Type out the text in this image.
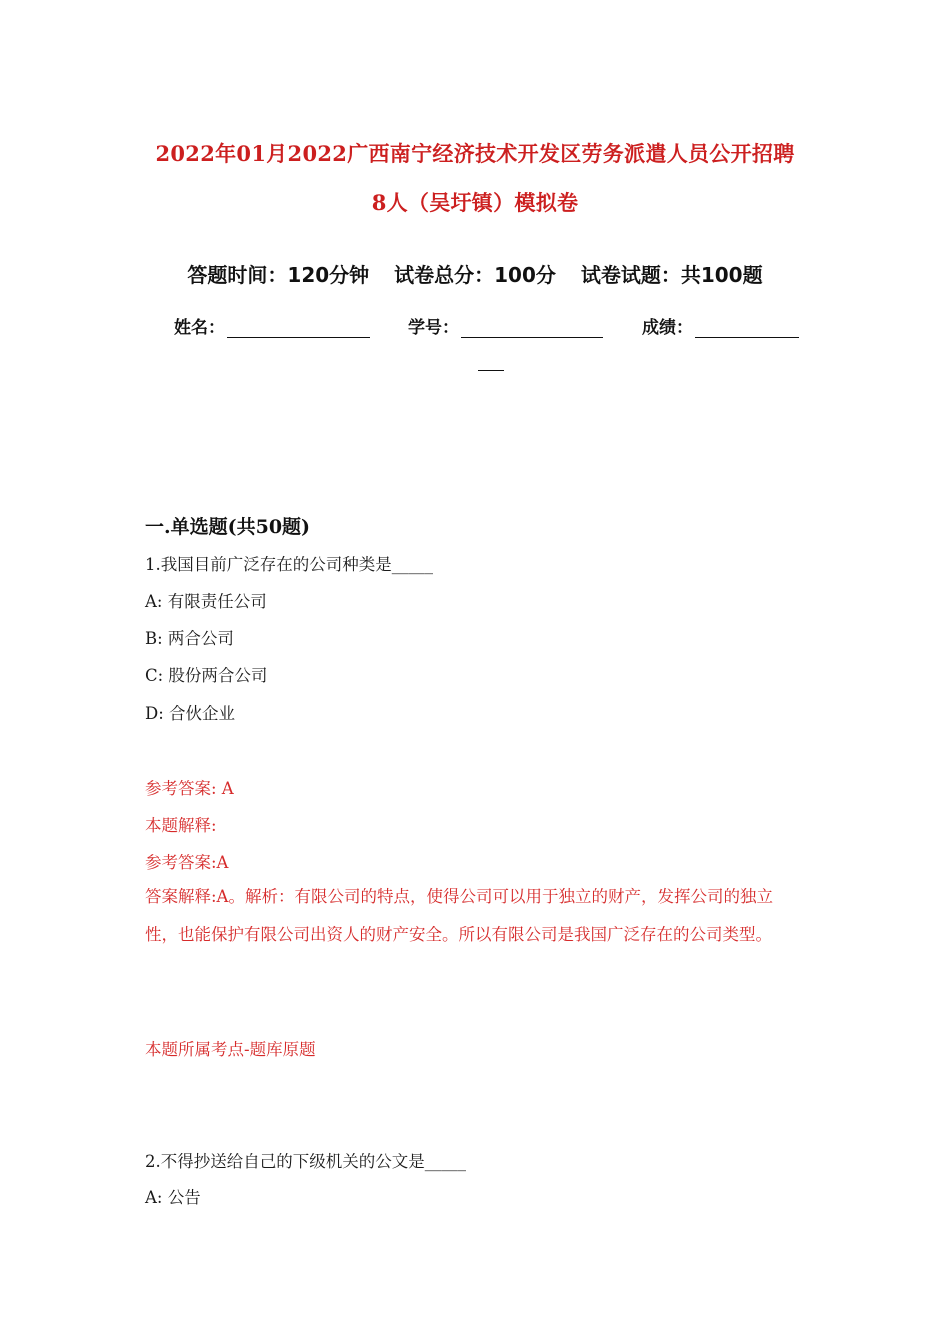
2022年01月2022广西南宁经济技术开发区劳务派遣人员公开招聘
8人（吴圩镇）模拟卷
答题时间：120分钟 试卷总分：100分 试卷试题：共100题
姓名：	学号：	成绩：
一.单选题(共50题)
1.我国目前广泛存在的公司种类是_____
A: 有限责任公司
B: 两合公司
C: 股份两合公司
D: 合伙企业
参考答案: A
本题解释:
参考答案:A
答案解释:A。解析：有限公司的特点，使得公司可以用于独立的财产，发挥公司的独立性，也能保护有限公司出资人的财产安全。所以有限公司是我国广泛存在的公司类型。
本题所属考点-题库原题
2.不得抄送给自己的下级机关的公文是_____
A: 公告
